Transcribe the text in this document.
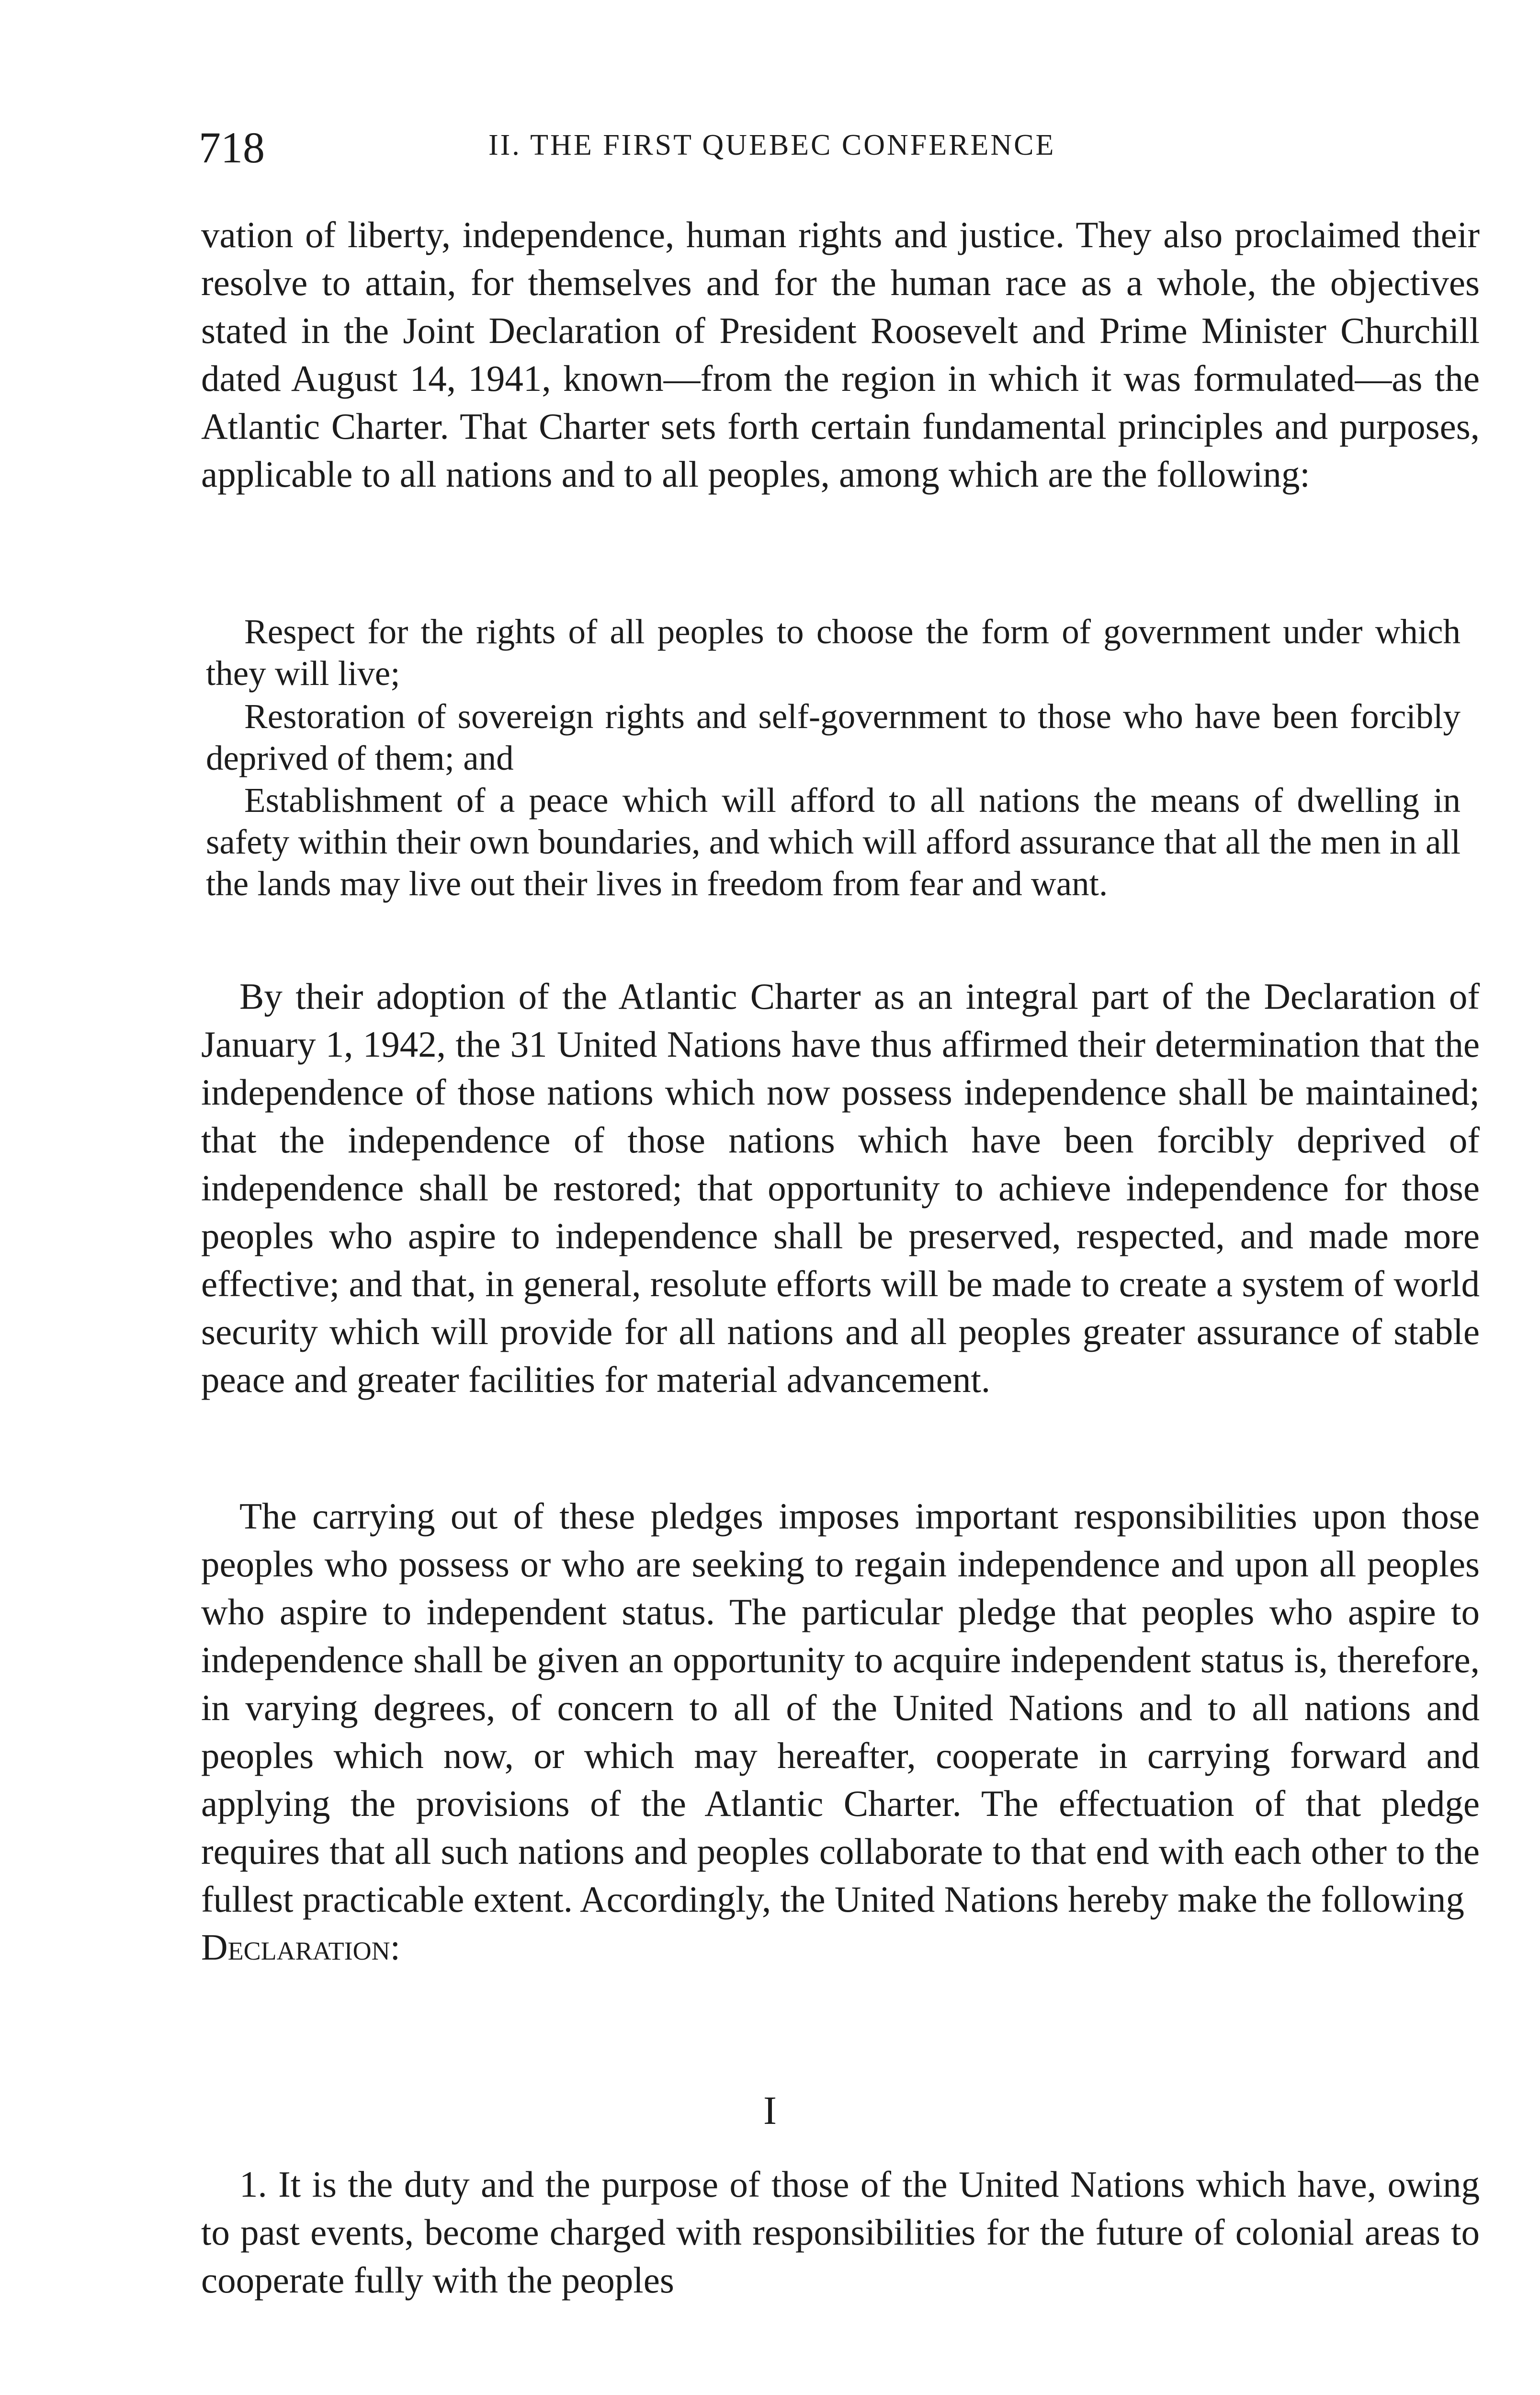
718	II. THE FIRST QUEBEC CONFERENCE

vation of liberty, independence, human rights and justice. They also proclaimed their resolve to attain, for themselves and for the human race as a whole, the objectives stated in the Joint Declaration of President Roosevelt and Prime Minister Churchill dated August 14, 1941, known—from the region in which it was formulated—as the Atlantic Charter. That Charter sets forth certain fundamental principles and purposes, applicable to all nations and to all peoples, among which are the following:

Respect for the rights of all peoples to choose the form of government under which they will live;

Restoration of sovereign rights and self-government to those who have been forcibly deprived of them; and

Establishment of a peace which will afford to all nations the means of dwelling in safety within their own boundaries, and which will afford assurance that all the men in all the lands may live out their lives in freedom from fear and want.

By their adoption of the Atlantic Charter as an integral part of the Declaration of January 1, 1942, the 31 United Nations have thus affirmed their determination that the independence of those nations which now possess independence shall be maintained; that the independence of those nations which have been forcibly deprived of independence shall be restored; that opportunity to achieve independence for those peoples who aspire to independence shall be preserved, respected, and made more effective; and that, in general, resolute efforts will be made to create a system of world security which will provide for all nations and all peoples greater assurance of stable peace and greater facilities for material advancement.

The carrying out of these pledges imposes important responsibilities upon those peoples who possess or who are seeking to regain independence and upon all peoples who aspire to independent status. The particular pledge that peoples who aspire to independence shall be given an opportunity to acquire independent status is, therefore, in varying degrees, of concern to all of the United Nations and to all nations and peoples which now, or which may hereafter, cooperate in carrying forward and applying the provisions of the Atlantic Charter. The effectuation of that pledge requires that all such nations and peoples collaborate to that end with each other to the fullest practicable extent. Accordingly, the United Nations hereby make the following
Declaration:

I

1. It is the duty and the purpose of those of the United Nations which have, owing to past events, become charged with responsibilities for the future of colonial areas to cooperate fully with the peoples
